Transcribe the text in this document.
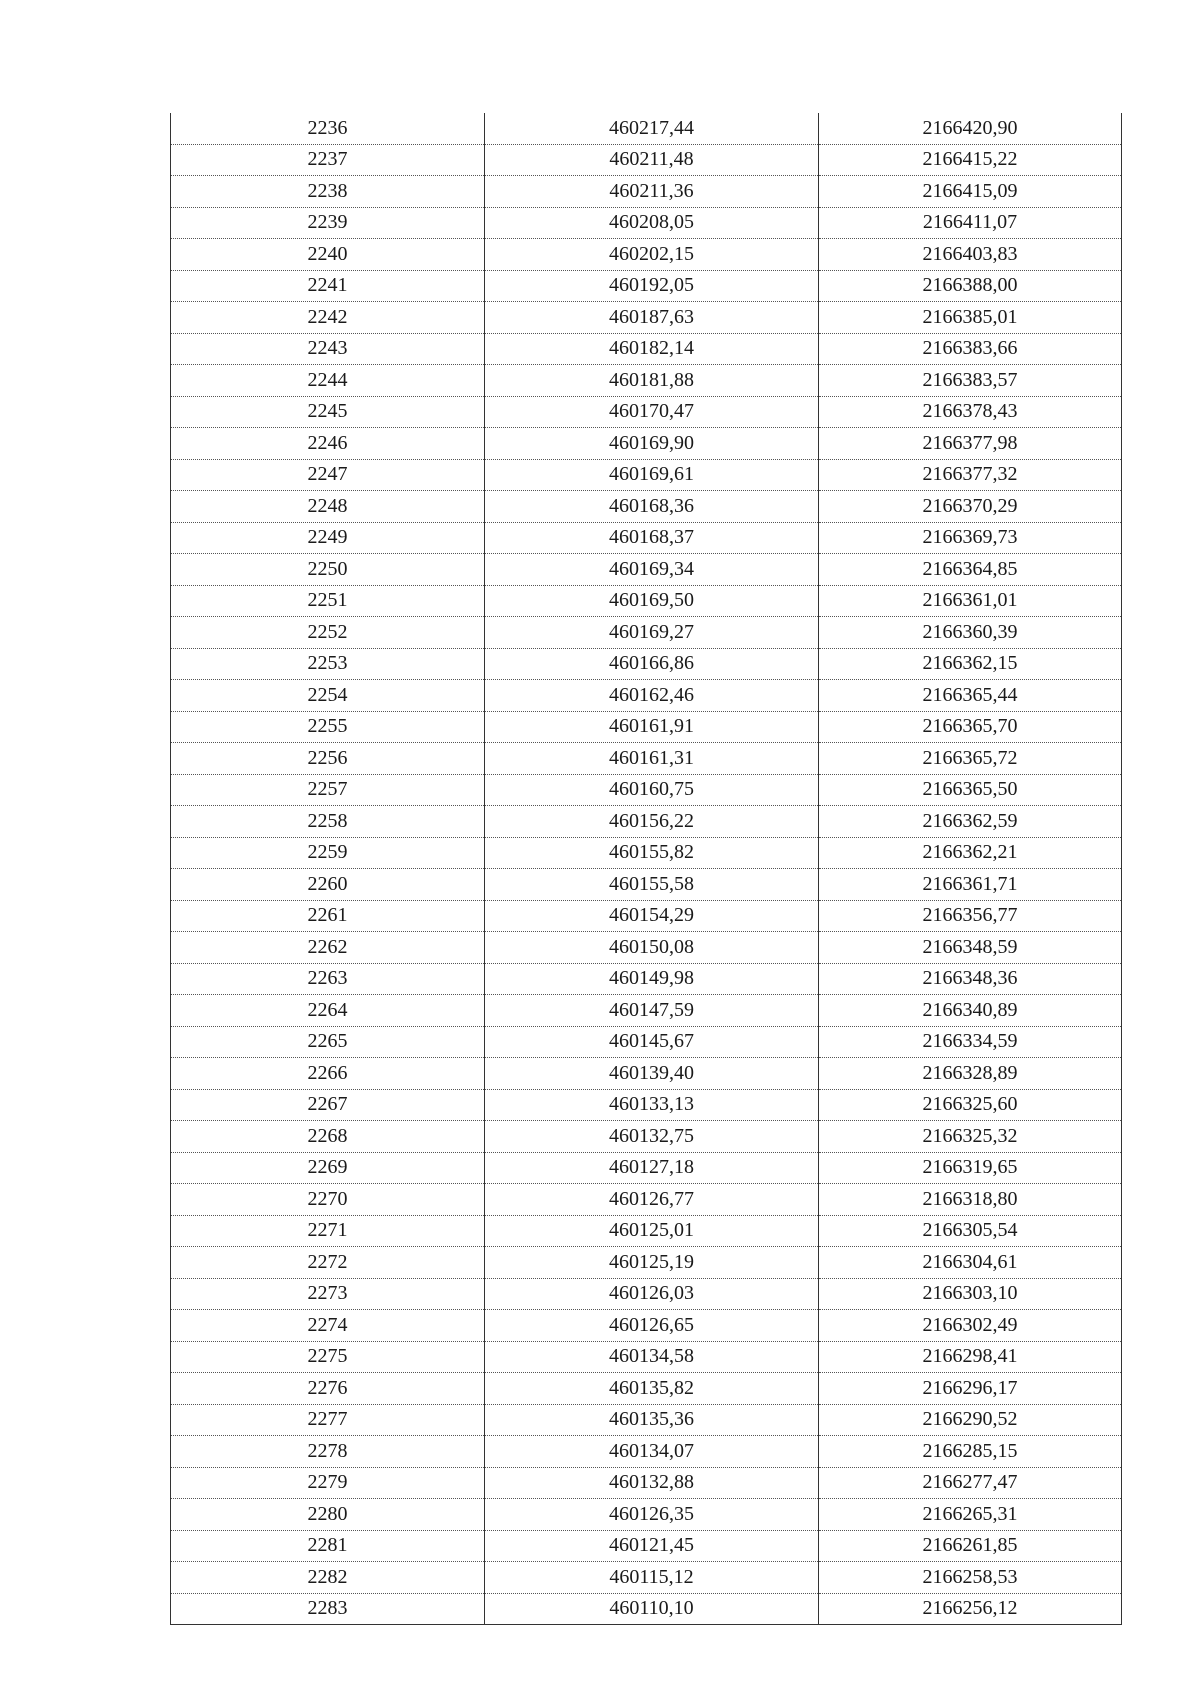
2236	460217,44	2166420,90
2237	460211,48	2166415,22
2238	460211,36	2166415,09
2239	460208,05	2166411,07
2240	460202,15	2166403,83
2241	460192,05	2166388,00
2242	460187,63	2166385,01
2243	460182,14	2166383,66
2244	460181,88	2166383,57
2245	460170,47	2166378,43
2246	460169,90	2166377,98
2247	460169,61	2166377,32
2248	460168,36	2166370,29
2249	460168,37	2166369,73
2250	460169,34	2166364,85
2251	460169,50	2166361,01
2252	460169,27	2166360,39
2253	460166,86	2166362,15
2254	460162,46	2166365,44
2255	460161,91	2166365,70
2256	460161,31	2166365,72
2257	460160,75	2166365,50
2258	460156,22	2166362,59
2259	460155,82	2166362,21
2260	460155,58	2166361,71
2261	460154,29	2166356,77
2262	460150,08	2166348,59
2263	460149,98	2166348,36
2264	460147,59	2166340,89
2265	460145,67	2166334,59
2266	460139,40	2166328,89
2267	460133,13	2166325,60
2268	460132,75	2166325,32
2269	460127,18	2166319,65
2270	460126,77	2166318,80
2271	460125,01	2166305,54
2272	460125,19	2166304,61
2273	460126,03	2166303,10
2274	460126,65	2166302,49
2275	460134,58	2166298,41
2276	460135,82	2166296,17
2277	460135,36	2166290,52
2278	460134,07	2166285,15
2279	460132,88	2166277,47
2280	460126,35	2166265,31
2281	460121,45	2166261,85
2282	460115,12	2166258,53
2283	460110,10	2166256,12
